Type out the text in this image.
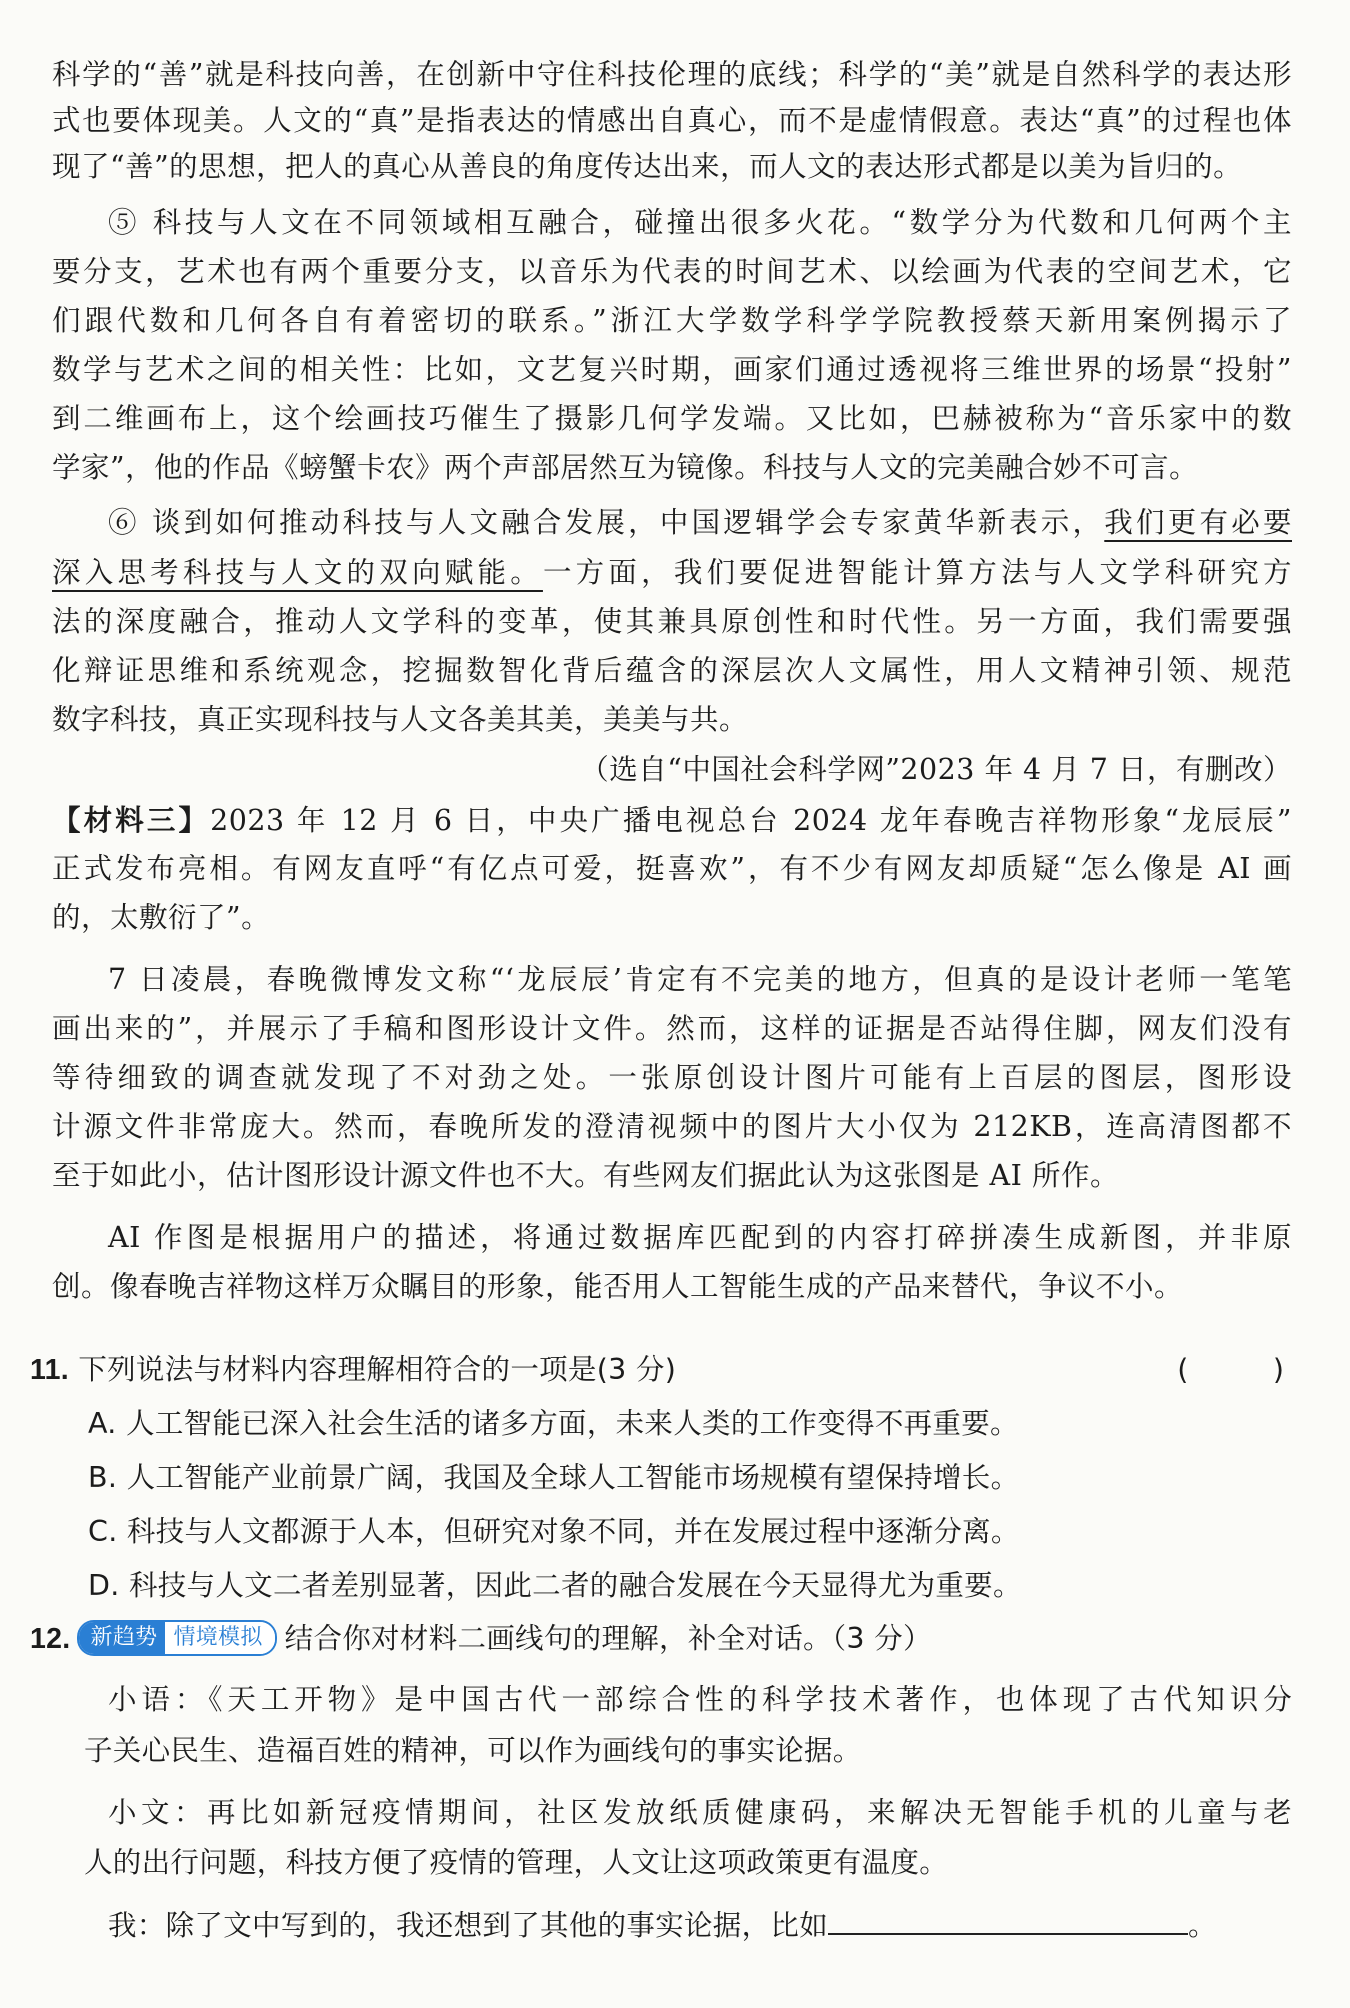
科学的“善”就是科技向善，在创新中守住科技伦理的底线；科学的“美”就是自然科学的表达形
式也要体现美。人文的“真”是指表达的情感出自真心，而不是虚情假意。表达“真”的过程也体
现了“善”的思想，把人的真心从善良的角度传达出来，而人文的表达形式都是以美为旨归的。
⑤ 科技与人文在不同领域相互融合，碰撞出很多火花。“数学分为代数和几何两个主
要分支，艺术也有两个重要分支，以音乐为代表的时间艺术、以绘画为代表的空间艺术，它
们跟代数和几何各自有着密切的联系。”浙江大学数学科学学院教授蔡天新用案例揭示了
数学与艺术之间的相关性：比如，文艺复兴时期，画家们通过透视将三维世界的场景“投射”
到二维画布上，这个绘画技巧催生了摄影几何学发端。又比如，巴赫被称为“音乐家中的数
学家”，他的作品《螃蟹卡农》两个声部居然互为镜像。科技与人文的完美融合妙不可言。
⑥ 谈到如何推动科技与人文融合发展，中国逻辑学会专家黄华新表示，我们更有必要
深入思考科技与人文的双向赋能。一方面，我们要促进智能计算方法与人文学科研究方
法的深度融合，推动人文学科的变革，使其兼具原创性和时代性。另一方面，我们需要强
化辩证思维和系统观念，挖掘数智化背后蕴含的深层次人文属性，用人文精神引领、规范
数字科技，真正实现科技与人文各美其美，美美与共。
（选自“中国社会科学网”2023 年 4 月 7 日，有删改）
【材料三】2023 年 12 月 6 日，中央广播电视总台 2024 龙年春晚吉祥物形象“龙辰辰”
正式发布亮相。有网友直呼“有亿点可爱，挺喜欢”，有不少有网友却质疑“怎么像是 AI 画
的，太敷衍了”。
7 日凌晨，春晚微博发文称“‘龙辰辰’肯定有不完美的地方，但真的是设计老师一笔笔
画出来的”，并展示了手稿和图形设计文件。然而，这样的证据是否站得住脚，网友们没有
等待细致的调查就发现了不对劲之处。一张原创设计图片可能有上百层的图层，图形设
计源文件非常庞大。然而，春晚所发的澄清视频中的图片大小仅为 212KB，连高清图都不
至于如此小，估计图形设计源文件也不大。有些网友们据此认为这张图是 AI 所作。
AI 作图是根据用户的描述，将通过数据库匹配到的内容打碎拼凑生成新图，并非原
创。像春晚吉祥物这样万众瞩目的形象，能否用人工智能生成的产品来替代，争议不小。
11. 下列说法与材料内容理解相符合的一项是(3 分)	(　)
A. 人工智能已深入社会生活的诸多方面，未来人类的工作变得不再重要。
B. 人工智能产业前景广阔，我国及全球人工智能市场规模有望保持增长。
C. 科技与人文都源于人本，但研究对象不同，并在发展过程中逐渐分离。
D. 科技与人文二者差别显著，因此二者的融合发展在今天显得尤为重要。
12. 新趋势 情境模拟 结合你对材料二画线句的理解，补全对话。（3 分）
小语：《天工开物》是中国古代一部综合性的科学技术著作，也体现了古代知识分
子关心民生、造福百姓的精神，可以作为画线句的事实论据。
小文：再比如新冠疫情期间，社区发放纸质健康码，来解决无智能手机的儿童与老
人的出行问题，科技方便了疫情的管理，人文让这项政策更有温度。
我：除了文中写到的，我还想到了其他的事实论据，比如	。
